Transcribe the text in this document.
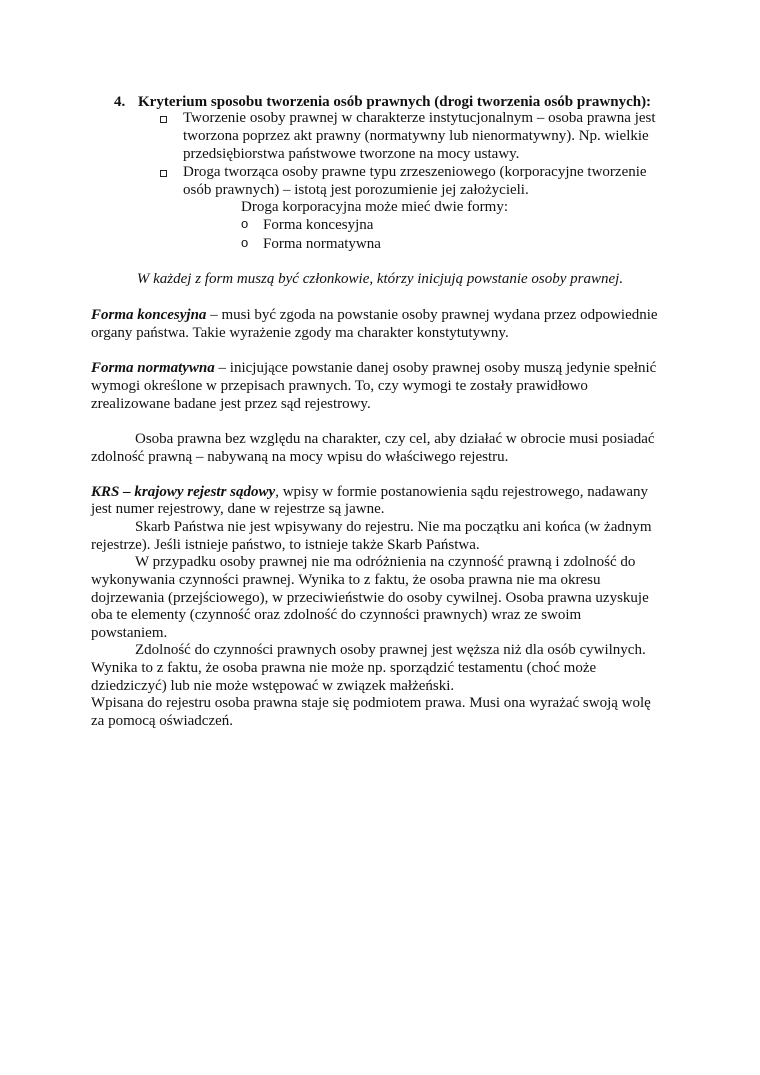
4. Kryterium sposobu tworzenia osób prawnych (drogi tworzenia osób prawnych):
Tworzenie osoby prawnej w charakterze instytucjonalnym – osoba prawna jest
tworzona poprzez akt prawny (normatywny lub nienormatywny). Np. wielkie
przedsiębiorstwa państwowe tworzone na mocy ustawy.
Droga tworząca osoby prawne typu zrzeszeniowego (korporacyjne tworzenie
osób prawnych) – istotą jest porozumienie jej założycieli.
Droga korporacyjna może mieć dwie formy:
o Forma koncesyjna
o Forma normatywna
W każdej z form muszą być członkowie, którzy inicjują powstanie osoby prawnej.
Forma koncesyjna – musi być zgoda na powstanie osoby prawnej wydana przez odpowiednie
organy państwa. Takie wyrażenie zgody ma charakter konstytutywny.
Forma normatywna – inicjujące powstanie danej osoby prawnej osoby muszą jedynie spełnić
wymogi określone w przepisach prawnych. To, czy wymogi te zostały prawidłowo
zrealizowane badane jest przez sąd rejestrowy.
Osoba prawna bez względu na charakter, czy cel, aby działać w obrocie musi posiadać
zdolność prawną – nabywaną na mocy wpisu do właściwego rejestru.
KRS – krajowy rejestr sądowy, wpisy w formie postanowienia sądu rejestrowego, nadawany
jest numer rejestrowy, dane w rejestrze są jawne.
Skarb Państwa nie jest wpisywany do rejestru. Nie ma początku ani końca (w żadnym
rejestrze). Jeśli istnieje państwo, to istnieje także Skarb Państwa.
W przypadku osoby prawnej nie ma odróżnienia na czynność prawną i zdolność do
wykonywania czynności prawnej. Wynika to z faktu, że osoba prawna nie ma okresu
dojrzewania (przejściowego), w przeciwieństwie do osoby cywilnej. Osoba prawna uzyskuje
oba te elementy (czynność oraz zdolność do czynności prawnych) wraz ze swoim
powstaniem.
Zdolność do czynności prawnych osoby prawnej jest węższa niż dla osób cywilnych.
Wynika to z faktu, że osoba prawna nie może np. sporządzić testamentu (choć może
dziedziczyć) lub nie może wstępować w związek małżeński.
Wpisana do rejestru osoba prawna staje się podmiotem prawa. Musi ona wyrażać swoją wolę
za pomocą oświadczeń.
